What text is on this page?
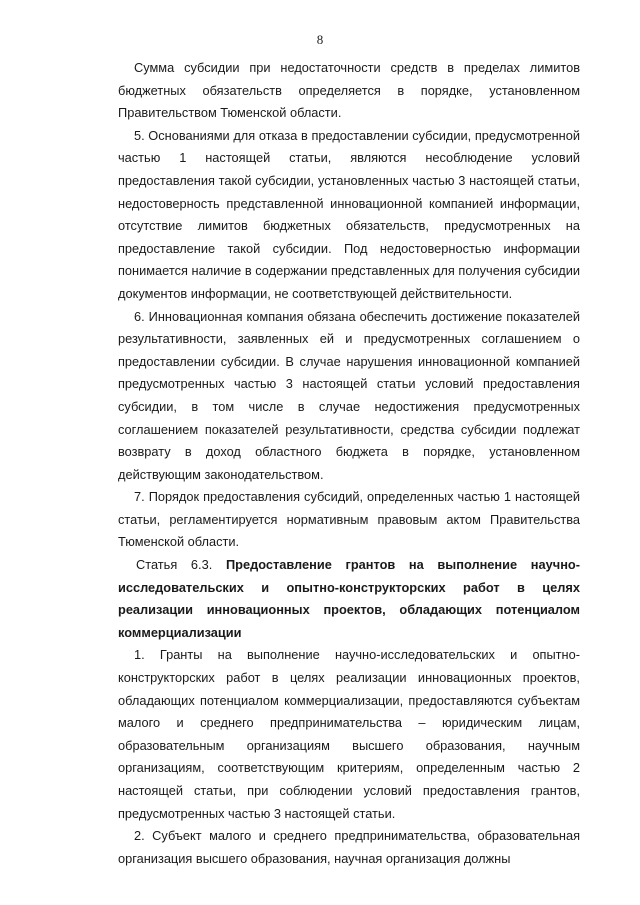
8

Сумма субсидии при недостаточности средств в пределах лимитов бюджетных обязательств определяется в порядке, установленном Правительством Тюменской области.

5. Основаниями для отказа в предоставлении субсидии, предусмотренной частью 1 настоящей статьи, являются несоблюдение условий предоставления такой субсидии, установленных частью 3 настоящей статьи, недостоверность представленной инновационной компанией информации, отсутствие лимитов бюджетных обязательств, предусмотренных на предоставление такой субсидии. Под недостоверностью информации понимается наличие в содержании представленных для получения субсидии документов информации, не соответствующей действительности.

6. Инновационная компания обязана обеспечить достижение показателей результативности, заявленных ей и предусмотренных соглашением о предоставлении субсидии. В случае нарушения инновационной компанией предусмотренных частью 3 настоящей статьи условий предоставления субсидии, в том числе в случае недостижения предусмотренных соглашением показателей результативности, средства субсидии подлежат возврату в доход областного бюджета в порядке, установленном действующим законодательством.

7. Порядок предоставления субсидий, определенных частью 1 настоящей статьи, регламентируется нормативным правовым актом Правительства Тюменской области.

Статья 6.3. Предоставление грантов на выполнение научно-исследовательских и опытно-конструкторских работ в целях реализации инновационных проектов, обладающих потенциалом коммерциализации

1. Гранты на выполнение научно-исследовательских и опытно-конструкторских работ в целях реализации инновационных проектов, обладающих потенциалом коммерциализации, предоставляются субъектам малого и среднего предпринимательства – юридическим лицам, образовательным организациям высшего образования, научным организациям, соответствующим критериям, определенным частью 2 настоящей статьи, при соблюдении условий предоставления грантов, предусмотренных частью 3 настоящей статьи.

2. Субъект малого и среднего предпринимательства, образовательная организация высшего образования, научная организация должны
